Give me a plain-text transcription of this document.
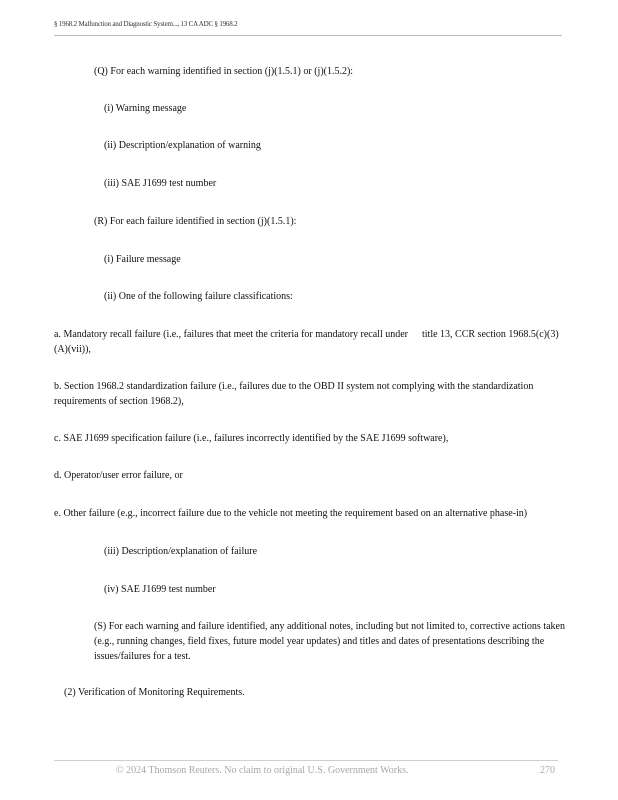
§ 1968.2 Malfunction and Diagnostic System..., 13 CA ADC § 1968.2
(Q) For each warning identified in section (j)(1.5.1) or (j)(1.5.2):
(i) Warning message
(ii) Description/explanation of warning
(iii) SAE J1699 test number
(R) For each failure identified in section (j)(1.5.1):
(i) Failure message
(ii) One of the following failure classifications:
a. Mandatory recall failure (i.e., failures that meet the criteria for mandatory recall under title 13, CCR section 1968.5(c)(3)
(A)(vii)),
b. Section 1968.2 standardization failure (i.e., failures due to the OBD II system not complying with the standardization
requirements of section 1968.2),
c. SAE J1699 specification failure (i.e., failures incorrectly identified by the SAE J1699 software),
d. Operator/user error failure, or
e. Other failure (e.g., incorrect failure due to the vehicle not meeting the requirement based on an alternative phase-in)
(iii) Description/explanation of failure
(iv) SAE J1699 test number
(S) For each warning and failure identified, any additional notes, including but not limited to, corrective actions taken (e.g., running changes, field fixes, future model year updates) and titles and dates of presentations describing the issues/failures for a test.
(2) Verification of Monitoring Requirements.
© 2024 Thomson Reuters. No claim to original U.S. Government Works.	270
